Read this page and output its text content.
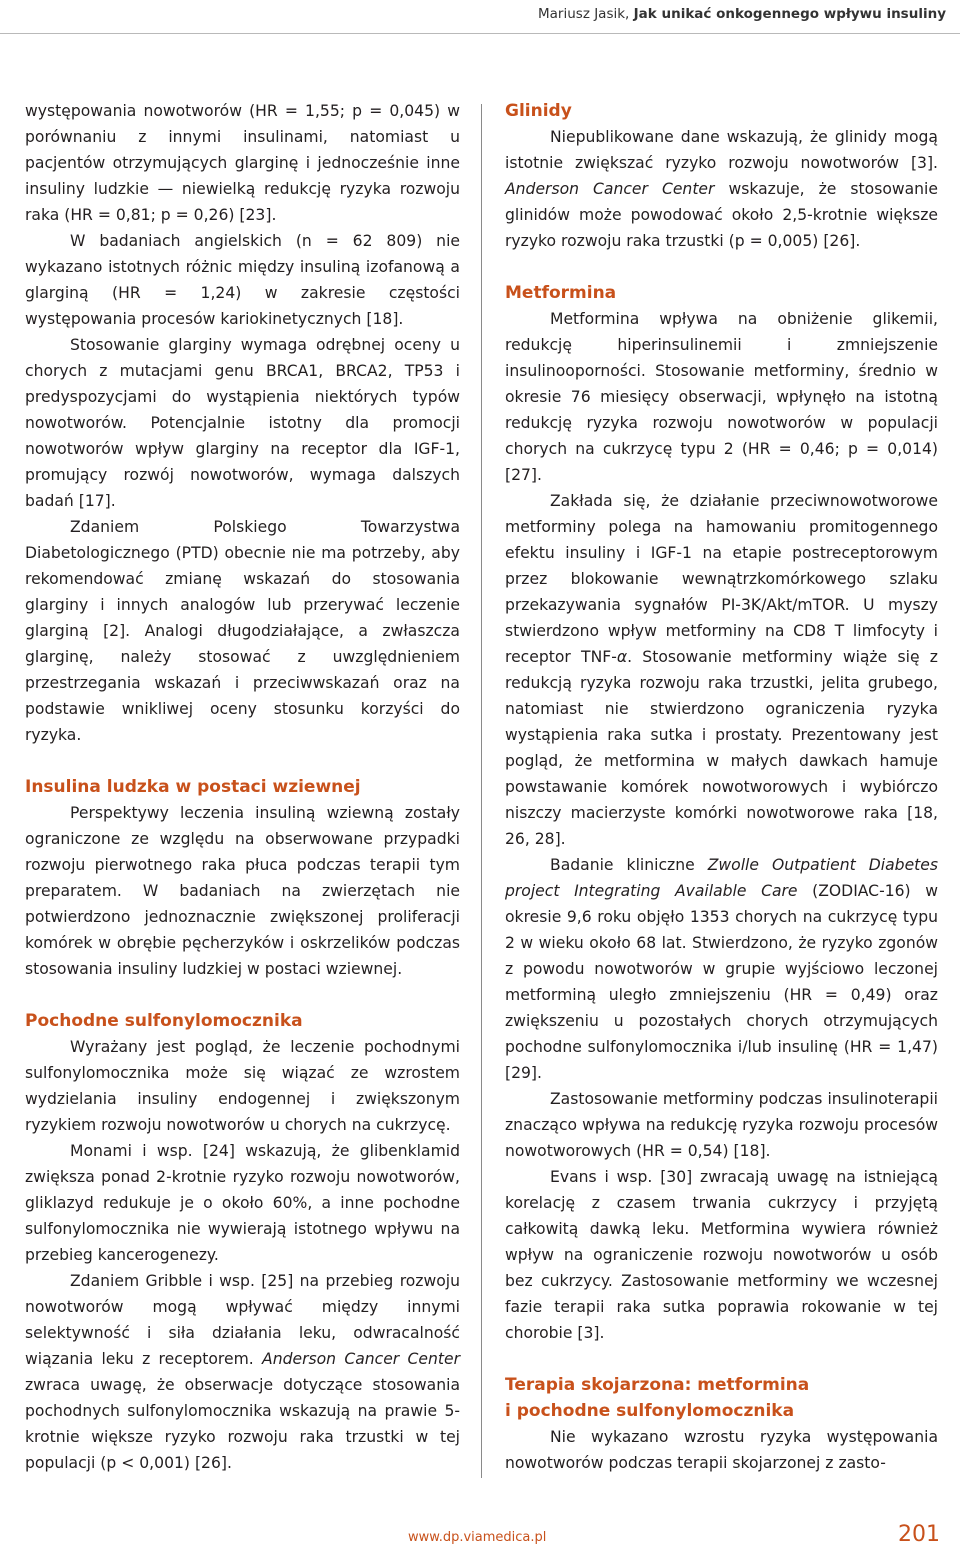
Mariusz Jasik, Jak unikać onkogennego wpływu insuliny

występowania nowotworów (HR = 1,55; p = 0,045) w porównaniu z innymi insulinami, natomiast u pacjentów otrzymujących glarginę i jednocześnie inne insuliny ludzkie — niewielką redukcję ryzyka rozwoju raka (HR = 0,81; p = 0,26) [23].

W badaniach angielskich (n = 62 809) nie wykazano istotnych różnic między insuliną izofanową a glarginą (HR = 1,24) w zakresie częstości występowania procesów kariokinetycznych [18].

Stosowanie glarginy wymaga odrębnej oceny u chorych z mutacjami genu BRCA1, BRCA2, TP53 i predyspozycjami do wystąpienia niektórych typów nowotworów. Potencjalnie istotny dla promocji nowotworów wpływ glarginy na receptor dla IGF-1, promujący rozwój nowotworów, wymaga dalszych badań [17].

Zdaniem Polskiego Towarzystwa Diabetologicznego (PTD) obecnie nie ma potrzeby, aby rekomendować zmianę wskazań do stosowania glarginy i innych analogów lub przerywać leczenie glarginą [2]. Analogi długodziałające, a zwłaszcza glarginę, należy stosować z uwzględnieniem przestrzegania wskazań i przeciwwskazań oraz na podstawie wnikliwej oceny stosunku korzyści do ryzyka.

Insulina ludzka w postaci wziewnej

Perspektywy leczenia insuliną wziewną zostały ograniczone ze względu na obserwowane przypadki rozwoju pierwotnego raka płuca podczas terapii tym preparatem. W badaniach na zwierzętach nie potwierdzono jednoznacznie zwiększonej proliferacji komórek w obrębie pęcherzyków i oskrzelików podczas stosowania insuliny ludzkiej w postaci wziewnej.

Pochodne sulfonylomocznika

Wyrażany jest pogląd, że leczenie pochodnymi sulfonylomocznika może się wiązać ze wzrostem wydzielania insuliny endogennej i zwiększonym ryzykiem rozwoju nowotworów u chorych na cukrzycę.

Monami i wsp. [24] wskazują, że glibenklamid zwiększa ponad 2-krotnie ryzyko rozwoju nowotworów, gliklazyd redukuje je o około 60%, a inne pochodne sulfonylomocznika nie wywierają istotnego wpływu na przebieg kancerogenezy.

Zdaniem Gribble i wsp. [25] na przebieg rozwoju nowotworów mogą wpływać między innymi selektywność i siła działania leku, odwracalność wiązania leku z receptorem. Anderson Cancer Center zwraca uwagę, że obserwacje dotyczące stosowania pochodnych sulfonylomocznika wskazują na prawie 5-krotnie większe ryzyko rozwoju raka trzustki w tej populacji (p < 0,001) [26].

Glinidy

Niepublikowane dane wskazują, że glinidy mogą istotnie zwiększać ryzyko rozwoju nowotworów [3]. Anderson Cancer Center wskazuje, że stosowanie glinidów może powodować około 2,5-krotnie większe ryzyko rozwoju raka trzustki (p = 0,005) [26].

Metformina

Metformina wpływa na obniżenie glikemii, redukcję hiperinsulinemii i zmniejszenie insulinooporności. Stosowanie metforminy, średnio w okresie 76 miesięcy obserwacji, wpłynęło na istotną redukcję ryzyka rozwoju nowotworów w populacji chorych na cukrzycę typu 2 (HR = 0,46; p = 0,014) [27].

Zakłada się, że działanie przeciwnowotworowe metforminy polega na hamowaniu promitogennego efektu insuliny i IGF-1 na etapie postreceptorowym przez blokowanie wewnątrzkomórkowego szlaku przekazywania sygnałów PI-3K/Akt/mTOR. U myszy stwierdzono wpływ metforminy na CD8 T limfocyty i receptor TNF-α. Stosowanie metforminy wiąże się z redukcją ryzyka rozwoju raka trzustki, jelita grubego, natomiast nie stwierdzono ograniczenia ryzyka wystąpienia raka sutka i prostaty. Prezentowany jest pogląd, że metformina w małych dawkach hamuje powstawanie komórek nowotworowych i wybiórczo niszczy macierzyste komórki nowotworowe raka [18, 26, 28].

Badanie kliniczne Zwolle Outpatient Diabetes project Integrating Available Care (ZODIAC-16) w okresie 9,6 roku objęło 1353 chorych na cukrzycę typu 2 w wieku około 68 lat. Stwierdzono, że ryzyko zgonów z powodu nowotworów w grupie wyjściowo leczonej metforminą uległo zmniejszeniu (HR = 0,49) oraz zwiększeniu u pozostałych chorych otrzymujących pochodne sulfonylomocznika i/lub insulinę (HR = 1,47) [29].

Zastosowanie metforminy podczas insulinoterapii znacząco wpływa na redukcję ryzyka rozwoju procesów nowotworowych (HR = 0,54) [18].

Evans i wsp. [30] zwracają uwagę na istniejącą korelację z czasem trwania cukrzycy i przyjętą całkowitą dawką leku. Metformina wywiera również wpływ na ograniczenie rozwoju nowotworów u osób bez cukrzycy. Zastosowanie metforminy we wczesnej fazie terapii raka sutka poprawia rokowanie w tej chorobie [3].

Terapia skojarzona: metformina
i pochodne sulfonylomocznika

Nie wykazano wzrostu ryzyka występowania nowotworów podczas terapii skojarzonej z zasto-

www.dp.viamedica.pl	201
